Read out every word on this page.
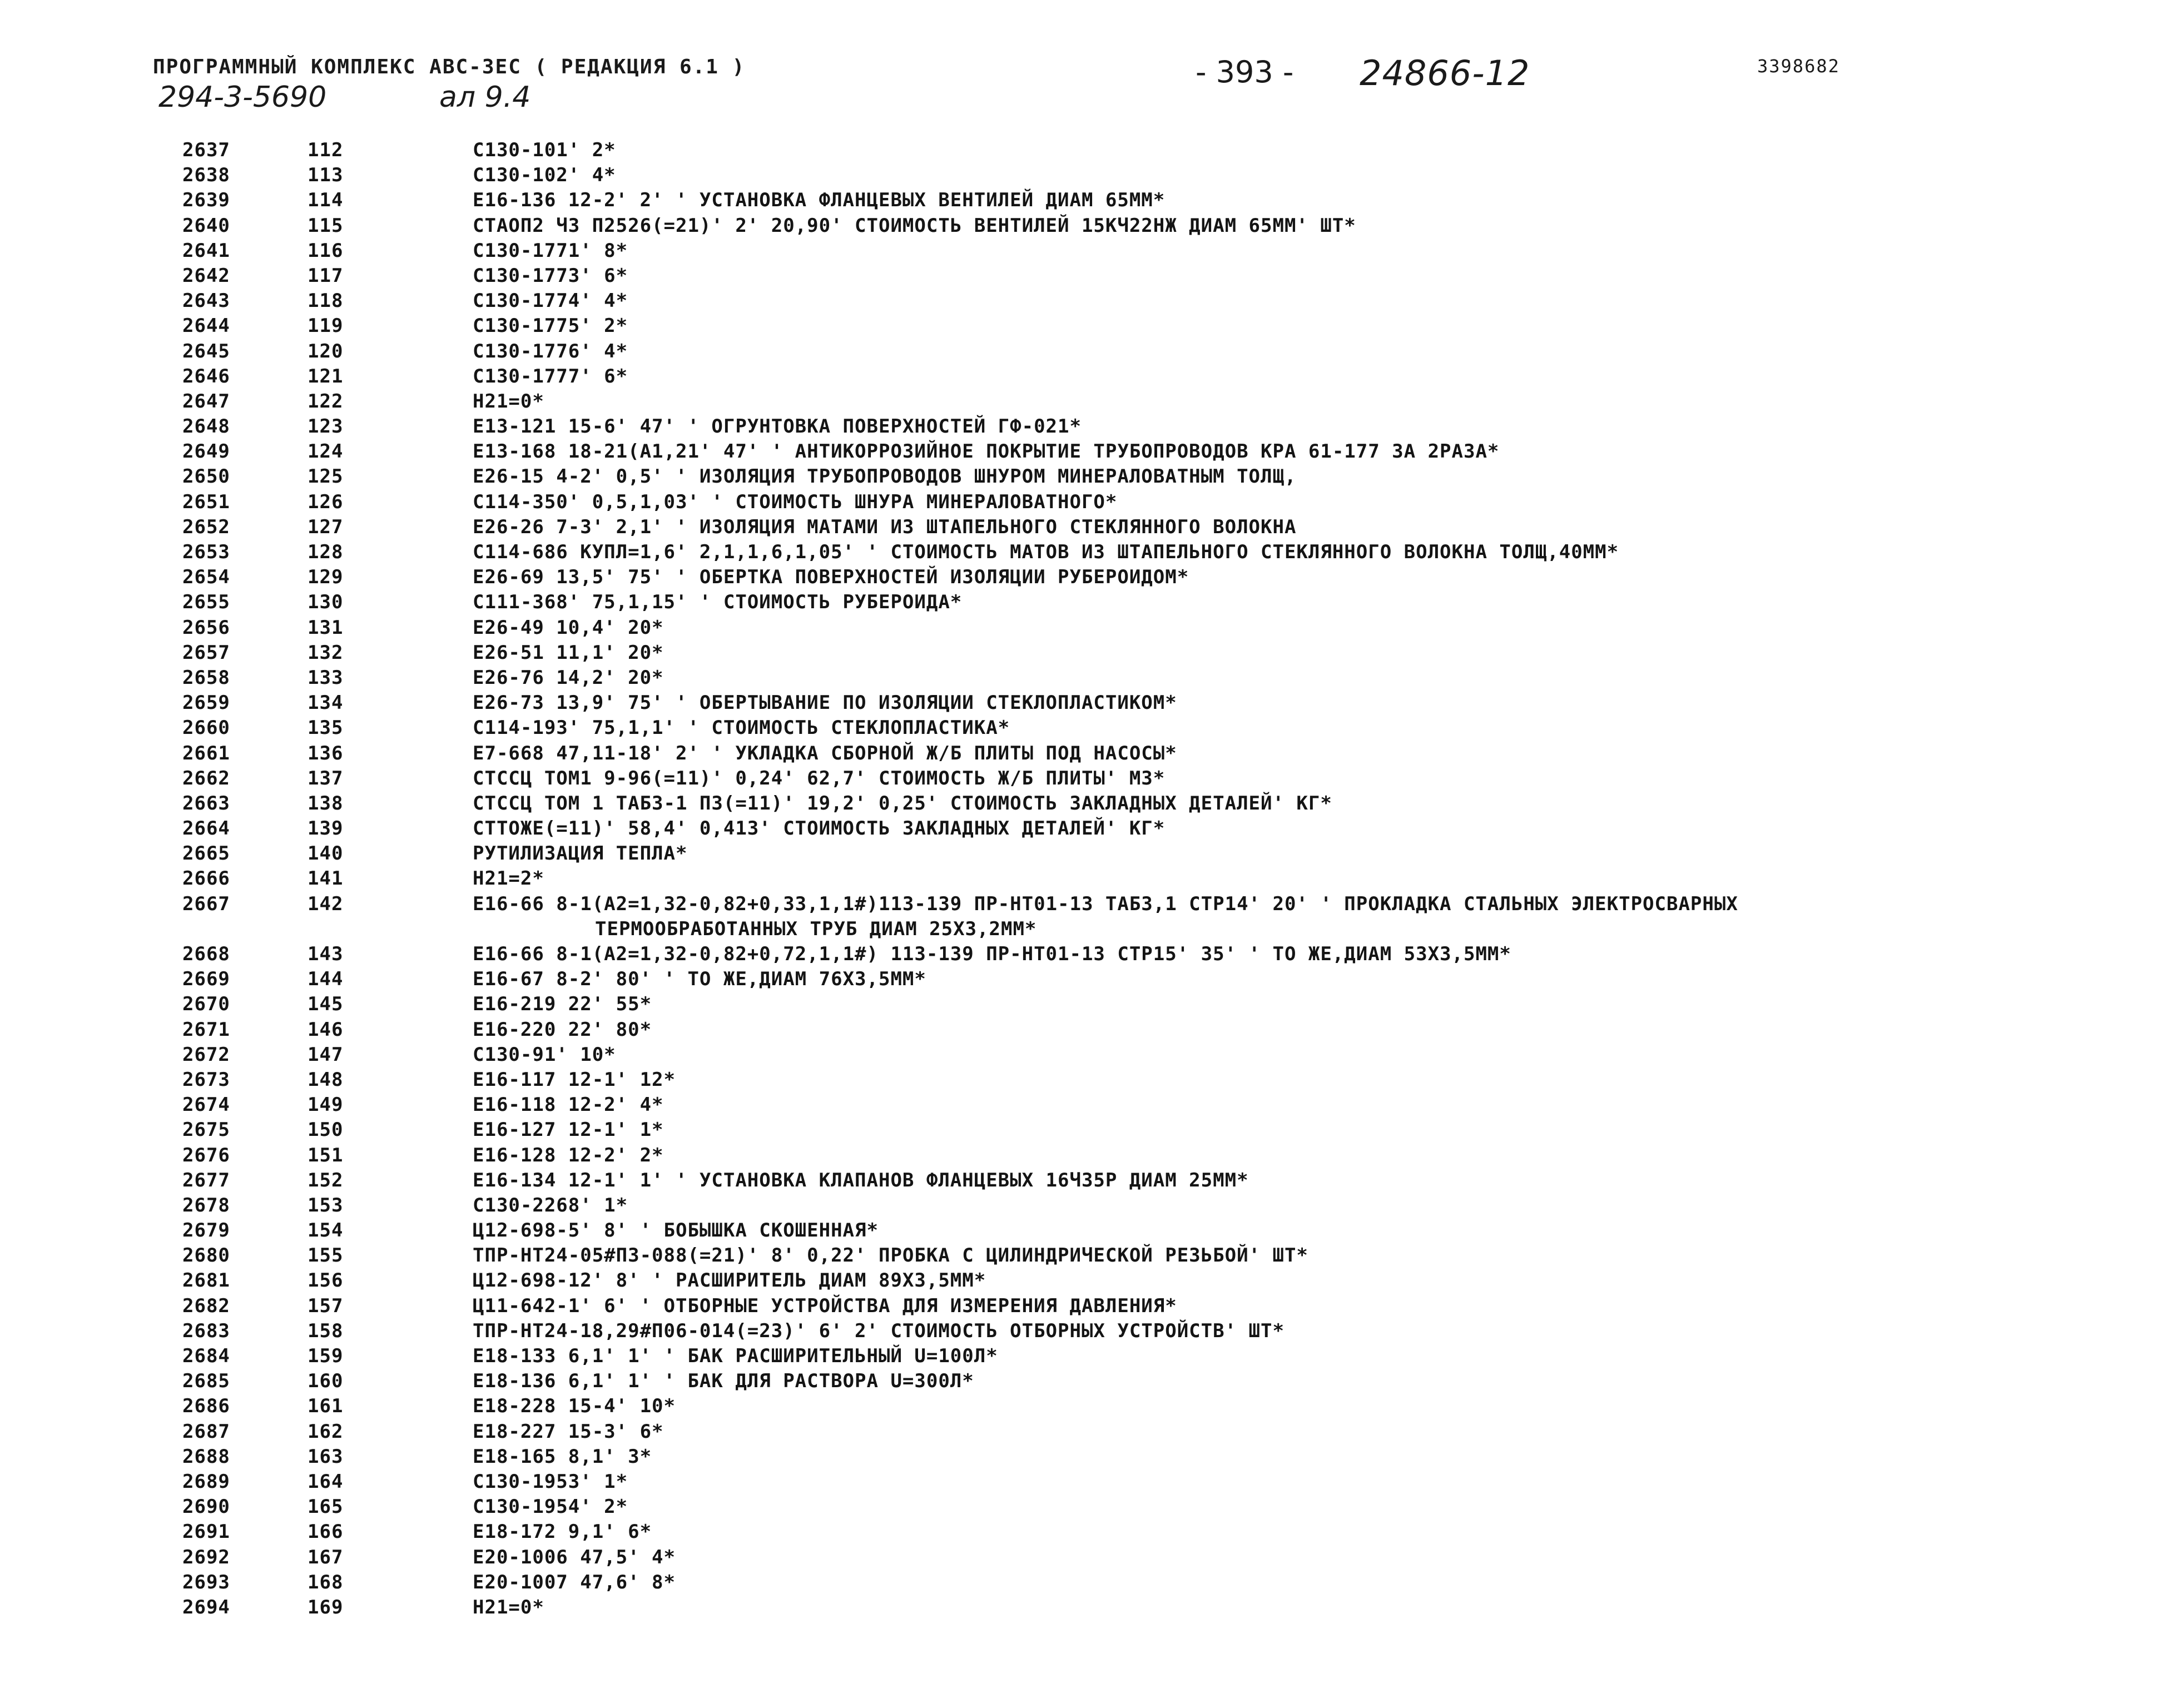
ПРОГРАММНЫЙ КОМПЛЕКС АВС-3ЕС ( РЕДАКЦИЯ 6.1 )	- 393 - 24866-12	3398682
294-3-5690	ал 9.4
2637	112	С130-101' 2*
2638	113	С130-102' 4*
2639	114	Е16-136 12-2' 2' ' УСТАНОВКА ФЛАНЦЕВЫХ ВЕНТИЛЕЙ ДИАМ 65ММ*
2640	115	СТАОП2 Ч3 П2526(=21)' 2' 20,90' СТОИМОСТЬ ВЕНТИЛЕЙ 15КЧ22НЖ ДИАМ 65ММ' ШТ*
2641	116	С130-1771' 8*
2642	117	С130-1773' 6*
2643	118	С130-1774' 4*
2644	119	С130-1775' 2*
2645	120	С130-1776' 4*
2646	121	С130-1777' 6*
2647	122	Н21=0*
2648	123	Е13-121 15-6' 47' ' ОГРУНТОВКА ПОВЕРХНОСТЕЙ ГФ-021*
2649	124	Е13-168 18-21(А1,21' 47' ' АНТИКОРРОЗИЙНОЕ ПОКРЫТИЕ ТРУБОПРОВОДОВ КРА 61-177 ЗА 2РАЗА*
2650	125	Е26-15 4-2' 0,5' ' ИЗОЛЯЦИЯ ТРУБОПРОВОДОВ ШНУРОМ МИНЕРАЛОВАТНЫМ ТОЛЩ,
2651	126	С114-350' 0,5,1,03' ' СТОИМОСТЬ ШНУРА МИНЕРАЛОВАТНОГО*
2652	127	Е26-26 7-3' 2,1' ' ИЗОЛЯЦИЯ МАТАМИ ИЗ ШТАПЕЛЬНОГО СТЕКЛЯННОГО ВОЛОКНА
2653	128	С114-686 КУПЛ=1,6' 2,1,1,6,1,05' ' СТОИМОСТЬ МАТОВ ИЗ ШТАПЕЛЬНОГО СТЕКЛЯННОГО ВОЛОКНА ТОЛЩ,40ММ*
2654	129	Е26-69 13,5' 75' ' ОБЕРТКА ПОВЕРХНОСТЕЙ ИЗОЛЯЦИИ РУБЕРОИДОМ*
2655	130	С111-368' 75,1,15' ' СТОИМОСТЬ РУБЕРОИДА*
2656	131	Е26-49 10,4' 20*
2657	132	Е26-51 11,1' 20*
2658	133	Е26-76 14,2' 20*
2659	134	Е26-73 13,9' 75' ' ОБЕРТЫВАНИЕ ПО ИЗОЛЯЦИИ СТЕКЛОПЛАСТИКОМ*
2660	135	С114-193' 75,1,1' ' СТОИМОСТЬ СТЕКЛОПЛАСТИКА*
2661	136	Е7-668 47,11-18' 2' ' УКЛАДКА СБОРНОЙ Ж/Б ПЛИТЫ ПОД НАСОСЫ*
2662	137	СТССЦ ТОМ1 9-96(=11)' 0,24' 62,7' СТОИМОСТЬ Ж/Б ПЛИТЫ' М3*
2663	138	СТССЦ ТОМ 1 ТАБ3-1 П3(=11)' 19,2' 0,25' СТОИМОСТЬ ЗАКЛАДНЫХ ДЕТАЛЕЙ' КГ*
2664	139	СТТОЖЕ(=11)' 58,4' 0,413' СТОИМОСТЬ ЗАКЛАДНЫХ ДЕТАЛЕЙ' КГ*
2665	140	РУТИЛИЗАЦИЯ ТЕПЛА*
2666	141	Н21=2*
2667	142	Е16-66 8-1(А2=1,32-0,82+0,33,1,1#)113-139 ПР-НТ01-13 ТАБ3,1 СТР14' 20' ' ПРОКЛАДКА СТАЛЬНЫХ ЭЛЕКТРОСВАРНЫХ
ТЕРМООБРАБОТАННЫХ ТРУБ ДИАМ 25Х3,2ММ*
2668	143	Е16-66 8-1(А2=1,32-0,82+0,72,1,1#) 113-139 ПР-НТ01-13 СТР15' 35' ' ТО ЖЕ,ДИАМ 53Х3,5ММ*
2669	144	Е16-67 8-2' 80' ' ТО ЖЕ,ДИАМ 76Х3,5ММ*
2670	145	Е16-219 22' 55*
2671	146	Е16-220 22' 80*
2672	147	С130-91' 10*
2673	148	Е16-117 12-1' 12*
2674	149	Е16-118 12-2' 4*
2675	150	Е16-127 12-1' 1*
2676	151	Е16-128 12-2' 2*
2677	152	Е16-134 12-1' 1' ' УСТАНОВКА КЛАПАНОВ ФЛАНЦЕВЫХ 16Ч35Р ДИАМ 25ММ*
2678	153	С130-2268' 1*
2679	154	Ц12-698-5' 8' ' БОБЫШКА СКОШЕННАЯ*
2680	155	ТПР-НТ24-05#П3-088(=21)' 8' 0,22' ПРОБКА С ЦИЛИНДРИЧЕСКОЙ РЕЗЬБОЙ' ШТ*
2681	156	Ц12-698-12' 8' ' РАСШИРИТЕЛЬ ДИАМ 89Х3,5ММ*
2682	157	Ц11-642-1' 6' ' ОТБОРНЫЕ УСТРОЙСТВА ДЛЯ ИЗМЕРЕНИЯ ДАВЛЕНИЯ*
2683	158	ТПР-НТ24-18,29#П06-014(=23)' 6' 2' СТОИМОСТЬ ОТБОРНЫХ УСТРОЙСТВ' ШТ*
2684	159	Е18-133 6,1' 1' ' БАК РАСШИРИТЕЛЬНЫЙ U=100Л*
2685	160	Е18-136 6,1' 1' ' БАК ДЛЯ РАСТВОРА U=300Л*
2686	161	Е18-228 15-4' 10*
2687	162	Е18-227 15-3' 6*
2688	163	Е18-165 8,1' 3*
2689	164	С130-1953' 1*
2690	165	С130-1954' 2*
2691	166	Е18-172 9,1' 6*
2692	167	Е20-1006 47,5' 4*
2693	168	Е20-1007 47,6' 8*
2694	169	Н21=0*
